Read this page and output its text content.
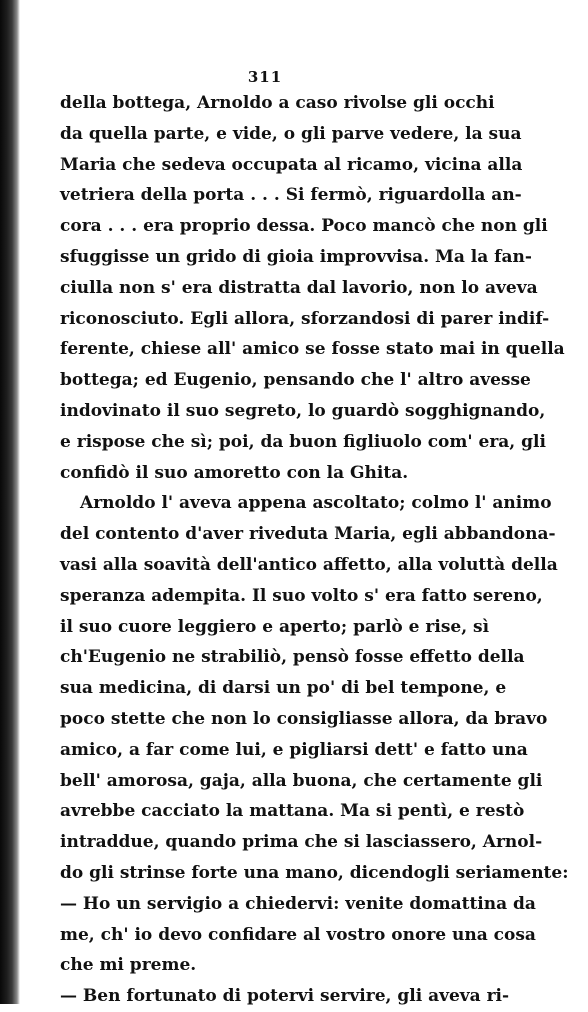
311
della bottega, Arnoldo a caso rivolse gli occhi
da quella parte, e vide, o gli parve vedere, la sua
Maria che sedeva occupata al ricamo, vicina alla
vetriera della porta . . . Si fermò, riguardolla an-
cora . . . era proprio dessa. Poco mancò che non gli
sfuggisse un grido di gioia improvvisa. Ma la fan-
ciulla non s' era distratta dal lavorio, non lo aveva
riconosciuto. Egli allora, sforzandosi di parer indif-
ferente, chiese all' amico se fosse stato mai in quella
bottega; ed Eugenio, pensando che l' altro avesse
indovinato il suo segreto, lo guardò sogghignando,
e rispose che sì; poi, da buon figliuolo com' era, gli
confidò il suo amoretto con la Ghita.
Arnoldo l' aveva appena ascoltato; colmo l' animo
del contento d'aver riveduta Maria, egli abbandona-
vasi alla soavità dell'antico affetto, alla voluttà della
speranza adempita. Il suo volto s' era fatto sereno,
il suo cuore leggiero e aperto; parlò e rise, sì
ch'Eugenio ne strabiliò, pensò fosse effetto della
sua medicina, di darsi un po' di bel tempone, e
poco stette che non lo consigliasse allora, da bravo
amico, a far come lui, e pigliarsi dett' e fatto una
bell' amorosa, gaja, alla buona, che certamente gli
avrebbe cacciato la mattana. Ma si pentì, e restò
intraddue, quando prima che si lasciassero, Arnol-
do gli strinse forte una mano, dicendogli seriamente:
— Ho un servigio a chiedervi: venite domattina da
me, ch' io devo confidare al vostro onore una cosa
che mi preme.
— Ben fortunato di potervi servire, gli aveva ri-
